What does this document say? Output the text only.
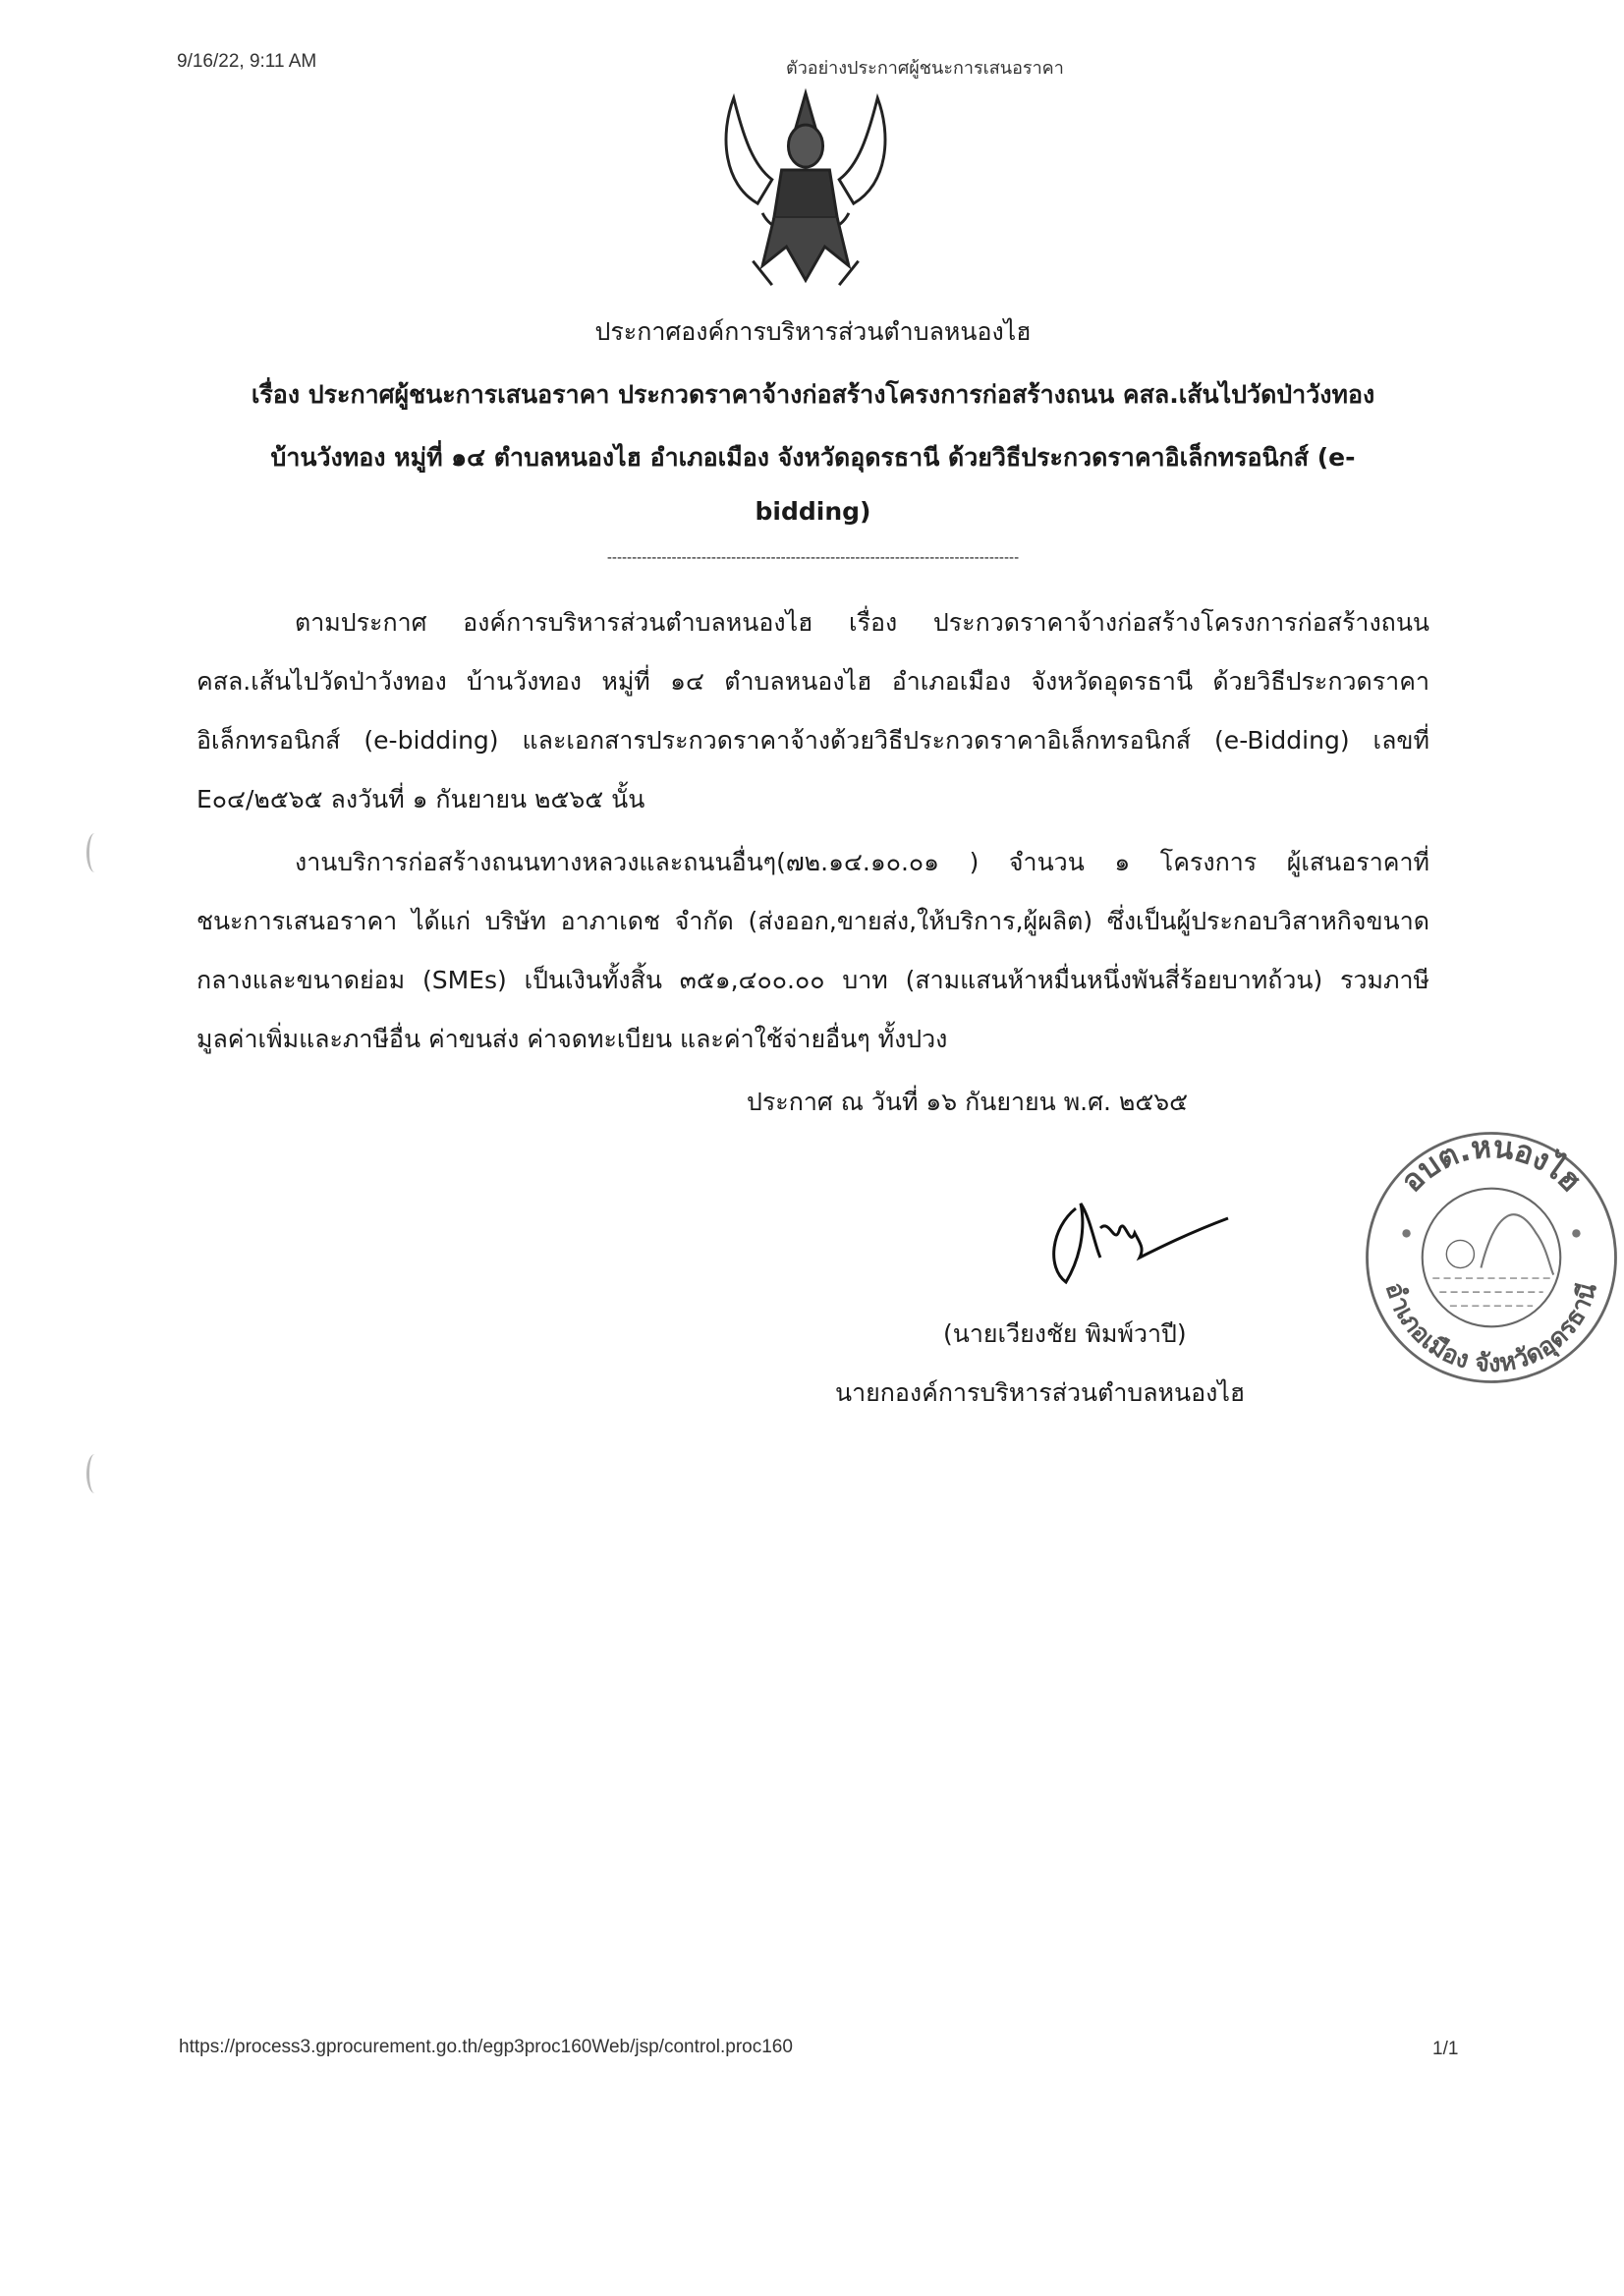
9/16/22, 9:11 AM	ตัวอย่างประกาศผู้ชนะการเสนอราคา
ประกาศองค์การบริหารส่วนตำบลหนองไฮ
เรื่อง ประกาศผู้ชนะการเสนอราคา ประกวดราคาจ้างก่อสร้างโครงการก่อสร้างถนน คสล.เส้นไปวัดป่าวังทอง
บ้านวังทอง หมู่ที่ ๑๔ ตำบลหนองไฮ อำเภอเมือง จังหวัดอุดรธานี ด้วยวิธีประกวดราคาอิเล็กทรอนิกส์ (e-
bidding)
-----------------------------------------------------------------------------------
ตามประกาศ องค์การบริหารส่วนตำบลหนองไฮ เรื่อง ประกวดราคาจ้างก่อสร้างโครงการก่อสร้างถนน
คสล.เส้นไปวัดป่าวังทอง บ้านวังทอง หมู่ที่ ๑๔ ตำบลหนองไฮ อำเภอเมือง จังหวัดอุดรธานี ด้วยวิธีประกวดราคา
อิเล็กทรอนิกส์ (e-bidding) และเอกสารประกวดราคาจ้างด้วยวิธีประกวดราคาอิเล็กทรอนิกส์ (e-Bidding) เลขที่
E๐๔/๒๕๖๕ ลงวันที่ ๑ กันยายน ๒๕๖๕ นั้น
งานบริการก่อสร้างถนนทางหลวงและถนนอื่นๆ(๗๒.๑๔.๑๐.๐๑ ) จำนวน ๑ โครงการ ผู้เสนอราคาที่
ชนะการเสนอราคา ได้แก่ บริษัท อาภาเดช จำกัด (ส่งออก,ขายส่ง,ให้บริการ,ผู้ผลิต) ซึ่งเป็นผู้ประกอบวิสาหกิจขนาด
กลางและขนาดย่อม (SMEs) เป็นเงินทั้งสิ้น ๓๕๑,๔๐๐.๐๐ บาท (สามแสนห้าหมื่นหนึ่งพันสี่ร้อยบาทถ้วน) รวมภาษี
มูลค่าเพิ่มและภาษีอื่น ค่าขนส่ง ค่าจดทะเบียน และค่าใช้จ่ายอื่นๆ ทั้งปวง
ประกาศ ณ วันที่ ๑๖ กันยายน พ.ศ. ๒๕๖๕
(นายเวียงชัย พิมพ์วาปี)
นายกองค์การบริหารส่วนตำบลหนองไฮ
อบต.หนองไฮ
อำเภอเมือง จังหวัดอุดรธานี
https://process3.gprocurement.go.th/egp3proc160Web/jsp/control.proc160	1/1
